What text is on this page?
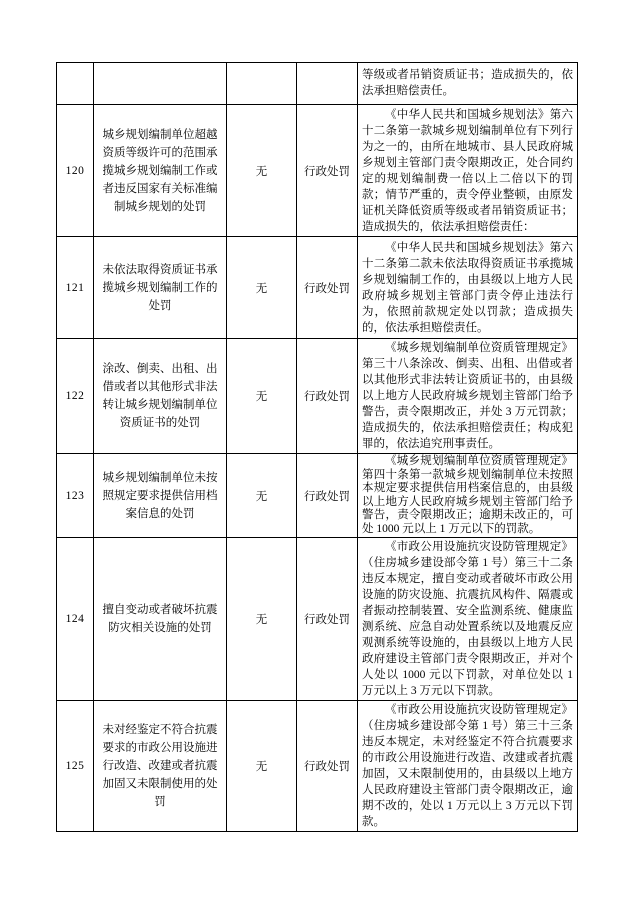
				等级或者吊销资质证书；造成损失的，依法承担赔偿责任。
120	城乡规划编制单位超越资质等级许可的范围承揽城乡规划编制工作或者违反国家有关标准编制城乡规划的处罚	无	行政处罚	《中华人民共和国城乡规划法》第六十二条第一款城乡规划编制单位有下列行为之一的，由所在地城市、县人民政府城乡规划主管部门责令限期改正，处合同约定的规划编制费一倍以上二倍以下的罚款；情节严重的，责令停业整顿，由原发证机关降低资质等级或者吊销资质证书；造成损失的，依法承担赔偿责任：
121	未依法取得资质证书承揽城乡规划编制工作的处罚	无	行政处罚	《中华人民共和国城乡规划法》第六十二条第二款未依法取得资质证书承揽城乡规划编制工作的，由县级以上地方人民政府城乡规划主管部门责令停止违法行为，依照前款规定处以罚款；造成损失的，依法承担赔偿责任。
122	涂改、倒卖、出租、出借或者以其他形式非法转让城乡规划编制单位资质证书的处罚	无	行政处罚	《城乡规划编制单位资质管理规定》第三十八条涂改、倒卖、出租、出借或者以其他形式非法转让资质证书的，由县级以上地方人民政府城乡规划主管部门给予警告，责令限期改正，并处 3 万元罚款；造成损失的，依法承担赔偿责任；构成犯罪的，依法追究刑事责任。
123	城乡规划编制单位未按照规定要求提供信用档案信息的处罚	无	行政处罚	《城乡规划编制单位资质管理规定》第四十条第一款城乡规划编制单位未按照本规定要求提供信用档案信息的，由县级以上地方人民政府城乡规划主管部门给予警告，责令限期改正；逾期未改正的，可处 1000 元以上 1 万元以下的罚款。
124	擅自变动或者破坏抗震防灾相关设施的处罚	无	行政处罚	《市政公用设施抗灾设防管理规定》（住房城乡建设部令第 1 号）第三十二条违反本规定，擅自变动或者破坏市政公用设施的防灾设施、抗震抗风构件、隔震或者振动控制装置、安全监测系统、健康监测系统、应急自动处置系统以及地震反应观测系统等设施的，由县级以上地方人民政府建设主管部门责令限期改正，并对个人处以 1000 元以下罚款，对单位处以 1 万元以上 3 万元以下罚款。
125	未对经鉴定不符合抗震要求的市政公用设施进行改造、改建或者抗震加固又未限制使用的处罚	无	行政处罚	《市政公用设施抗灾设防管理规定》（住房城乡建设部令第 1 号）第三十三条违反本规定，未对经鉴定不符合抗震要求的市政公用设施进行改造、改建或者抗震加固，又未限制使用的，由县级以上地方人民政府建设主管部门责令限期改正，逾期不改的，处以 1 万元以上 3 万元以下罚款。
